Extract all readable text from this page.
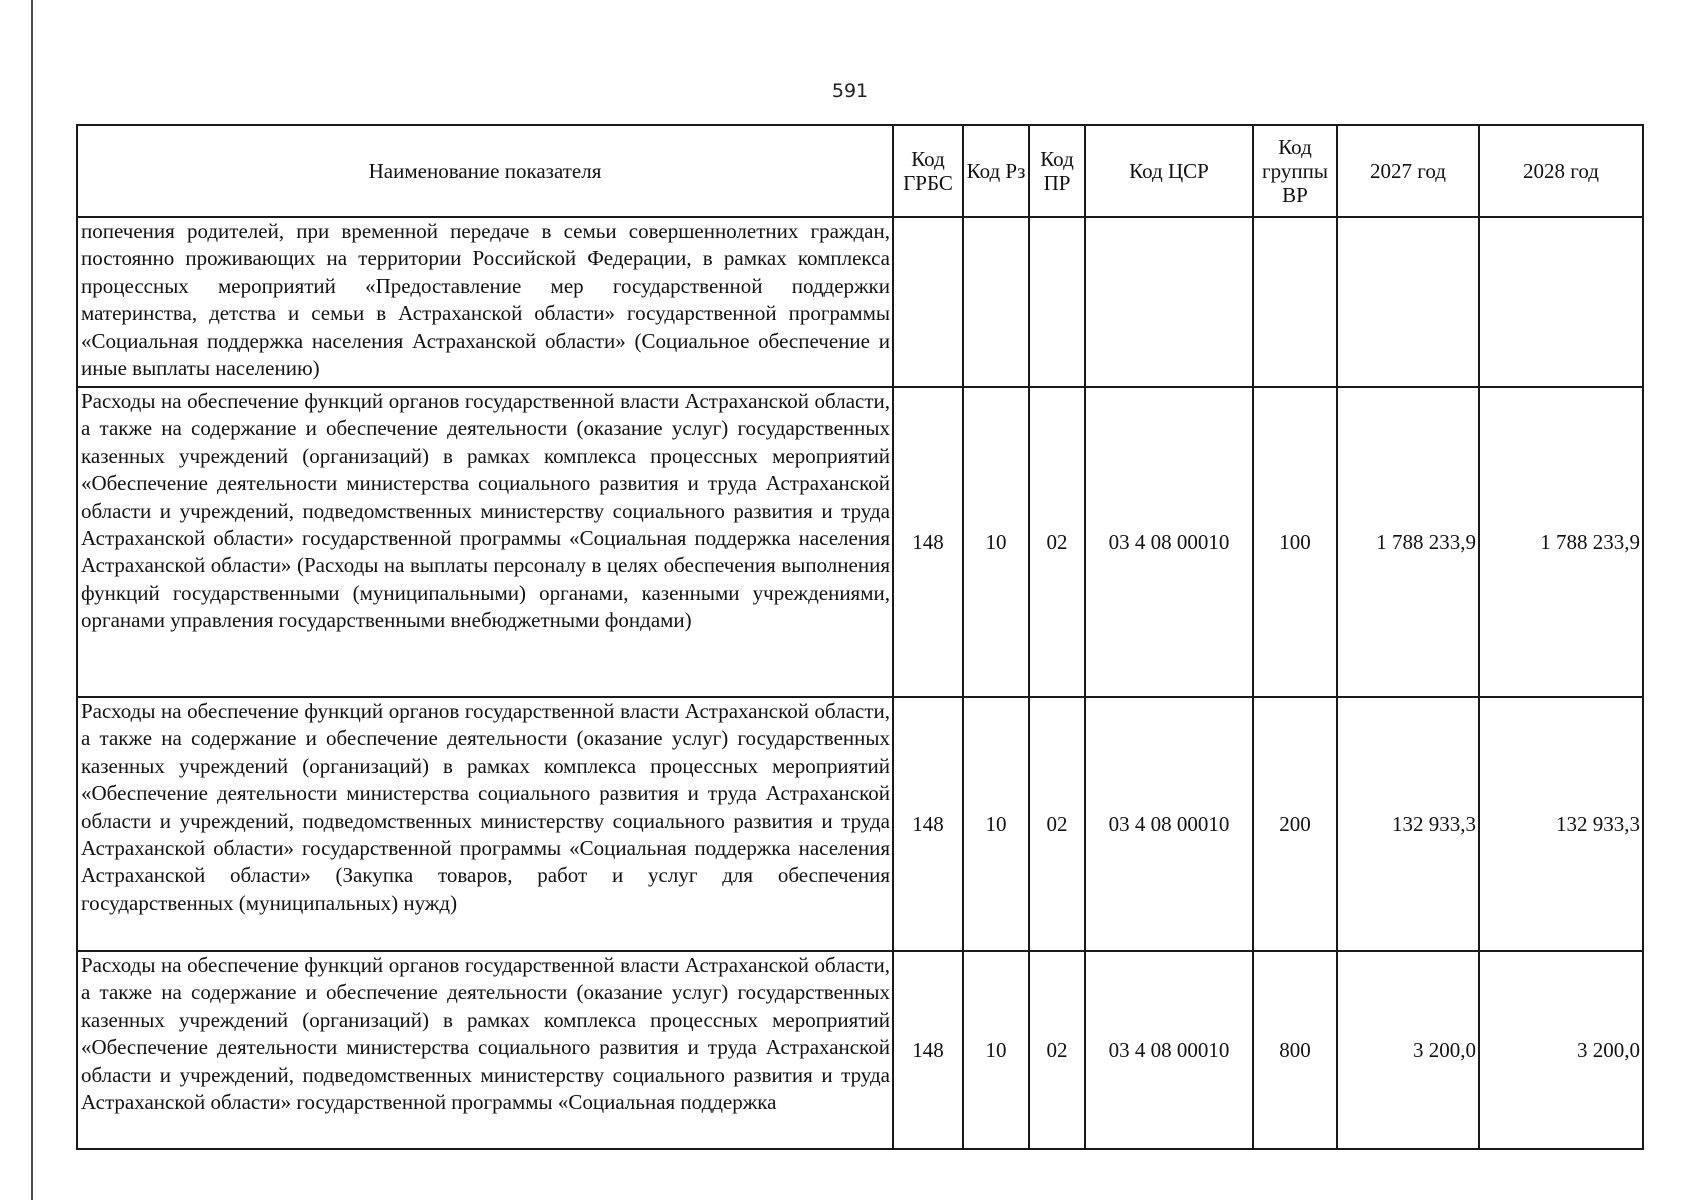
591
Наименование показателя	Код ГРБС	Код Рз	Код ПР	Код ЦСР	Код группы ВР	2027 год	2028 год
попечения родителей, при временной передаче в семьи совершеннолетних граждан, постоянно проживающих на территории Российской Федерации, в рамках комплекса процессных мероприятий «Предоставление мер государственной поддержки материнства, детства и семьи в Астраханской области» государственной программы «Социальная поддержка населения Астраханской области» (Социальное обеспечение и иные выплаты населению)							
Расходы на обеспечение функций органов государственной власти Астраханской области, а также на содержание и обеспечение деятельности (оказание услуг) государственных казенных учреждений (организаций) в рамках комплекса процессных мероприятий «Обеспечение деятельности министерства социального развития и труда Астраханской области и учреждений, подведомственных министерству социального развития и труда Астраханской области» государственной программы «Социальная поддержка населения Астраханской области» (Расходы на выплаты персоналу в целях обеспечения выполнения функций государственными (муниципальными) органами, казенными учреждениями, органами управления государственными внебюджетными фондами)	148	10	02	03 4 08 00010	100	1 788 233,9	1 788 233,9
Расходы на обеспечение функций органов государственной власти Астраханской области, а также на содержание и обеспечение деятельности (оказание услуг) государственных казенных учреждений (организаций) в рамках комплекса процессных мероприятий «Обеспечение деятельности министерства социального развития и труда Астраханской области и учреждений, подведомственных министерству социального развития и труда Астраханской области» государственной программы «Социальная поддержка населения Астраханской области» (Закупка товаров, работ и услуг для обеспечения государственных (муниципальных) нужд)	148	10	02	03 4 08 00010	200	132 933,3	132 933,3
Расходы на обеспечение функций органов государственной власти Астраханской области, а также на содержание и обеспечение деятельности (оказание услуг) государственных казенных учреждений (организаций) в рамках комплекса процессных мероприятий «Обеспечение деятельности министерства социального развития и труда Астраханской области и учреждений, подведомственных министерству социального развития и труда Астраханской области» государственной программы «Социальная поддержка	148	10	02	03 4 08 00010	800	3 200,0	3 200,0
